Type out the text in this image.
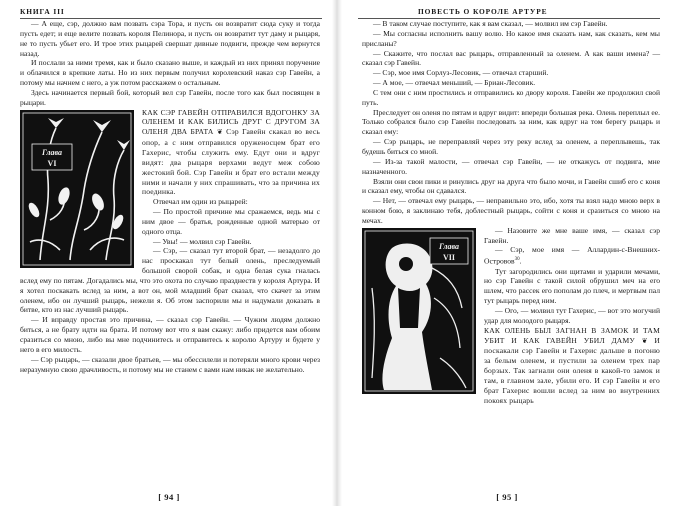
КНИГА III

— А еще, сэр, должно вам позвать сэра Тора, и пусть он возвратит сюда суку и тогда пусть едет; и еще велите позвать короля Пелинора, и пусть он возвратит тут даму и рыцаря, не то пусть убьет его. И трое этих рыцарей свершат дивные подвиги, прежде чем вернутся назад.

И послали за ними тремя, как и было сказано выше, и каждый из них принял поручение и облачился в крепкие латы. Но из них первым получил королевский наказ сэр Гавейн, а потому мы начнем с него, а уж потом расскажем о остальным.

Здесь начинается первый бой, который вел сэр Гавейн, после того как был посвящен в рыцари.

Глава
VI

КАК СЭР ГАВЕЙН ОТПРАВИЛСЯ ВДОГОНКУ ЗА ОЛЕНЕМ И КАК БИЛИСЬ ДРУГ С ДРУГОМ ЗА ОЛЕНЯ ДВА БРАТА ❦ Сэр Гавейн скакал во весь опор, а с ним отправился оруженосцем брат его Гахерис, чтобы служить ему. Едут они и вдруг видят: два рыцаря верхами ведут меж собою жестокий бой. Сэр Гавейн и брат его встали между ними и начали у них спрашивать, что за причина их поединка.

Отвечал им один из рыцарей:

— По простой причине мы сражаемся, ведь мы с ним двое — братья, рожденные одной матерью от одного отца.

— Увы! — молвил сэр Гавейн.

— Сэр, — сказал тут второй брат, — незадолго до нас проскакал тут белый олень, преследуемый большой сворой собак, и одна белая сука гналась вслед ему по пятам. Догадались мы, что это охота по случаю празднеств у короля Артура. И я хотел поскакать вслед за ним, а вот он, мой младший брат сказал, что скачет за этим оленем, ибо он лучший рыцарь, нежели я. Об этом заспорили мы и надумали доказать в битве, кто из нас лучший рыцарь.

— И вправду простая это причина, — сказал сэр Гавейн. — Чужим людям должно биться, а не брату идти на брата. И потому вот что я вам скажу: либо придется вам обоим сразиться со мною, либо вы мне подчинитесь и отправитесь к королю Артуру и будете у него в его милость.

— Сэр рыцарь, — сказали двое братьев, — мы обессилели и потеряли много крови через неразумную свою драчливость, и потому мы не станем с вами нам никак не желательно.

[ 94 ]
ПОВЕСТЬ О КОРОЛЕ АРТУРЕ

— В таком случае поступите, как я вам сказал, — молвил им сэр Гавейн.

— Мы согласны исполнить вашу волю. Но какое имя сказать нам, как сказать, кем мы присланы?

— Скажите, что послал вас рыцарь, отправленный за оленем. А как ваши имена? — сказал сэр Гавейн.

— Сэр, мое имя Сорлуз-Лесовик, — отвечал старший.

— А мое, — отвечал меньший, — Бриан-Лесовик.

С тем они с ним простились и отправились ко двору короля. Гавейн же продолжил свой путь.

Преследует он оленя по пятам и вдруг видит: впереди большая река. Олень переплыл ее. Только собрался было сэр Гавейн последовать за ним, как вдруг на том берегу рыцарь и сказал ему:

— Сэр рыцарь, не переправляй через эту реку вслед за оленем, а переплывешь, так будешь биться со мной.

— Из-за такой малости, — отвечал сэр Гавейн, — не откажусь от подвига, мне назначенного.

Взяли они свои пики и ринулись друг на друга что было мочи, и Гавейн сшиб его с коня и сказал ему, чтобы он сдавался.

— Нет, — отвечал ему рыцарь, — неправильно это, ибо, хотя ты взял надо мною верх в конном бою, я заклинаю тебя, доблестный рыцарь, сойти с коня и сразиться со мною на мечах.

Глава
VII

— Назовите же мне ваше имя, — сказал сэр Гавейн.

— Сэр, мое имя — Аллардин-с-Внешних-Островов$^{30}$.

Тут загородились они щитами и ударили мечами, но сэр Гавейн с такой силой обрушил меч на его шлем, что рассек его пополам до плеч, и мертвым пал тут рыцарь перед ним.

— Ого, — молвил тут Гахерис, — вот это могучий удар для молодого рыцаря.

КАК ОЛЕНЬ БЫЛ ЗАГНАН В ЗАМОК И ТАМ УБИТ И КАК ГАВЕЙН УБИЛ ДАМУ ❦ И поскакали сэр Гавейн и Гахерис дальше в погоню за белым оленем, и пустили за оленем трех пар борзых. Так загнали они оленя в какой-то замок и там, в главном зале, убили его. И сэр Гавейн и его брат Гахерис вошли вслед за ним во внутренних покоях рыцарь

[ 95 ]
